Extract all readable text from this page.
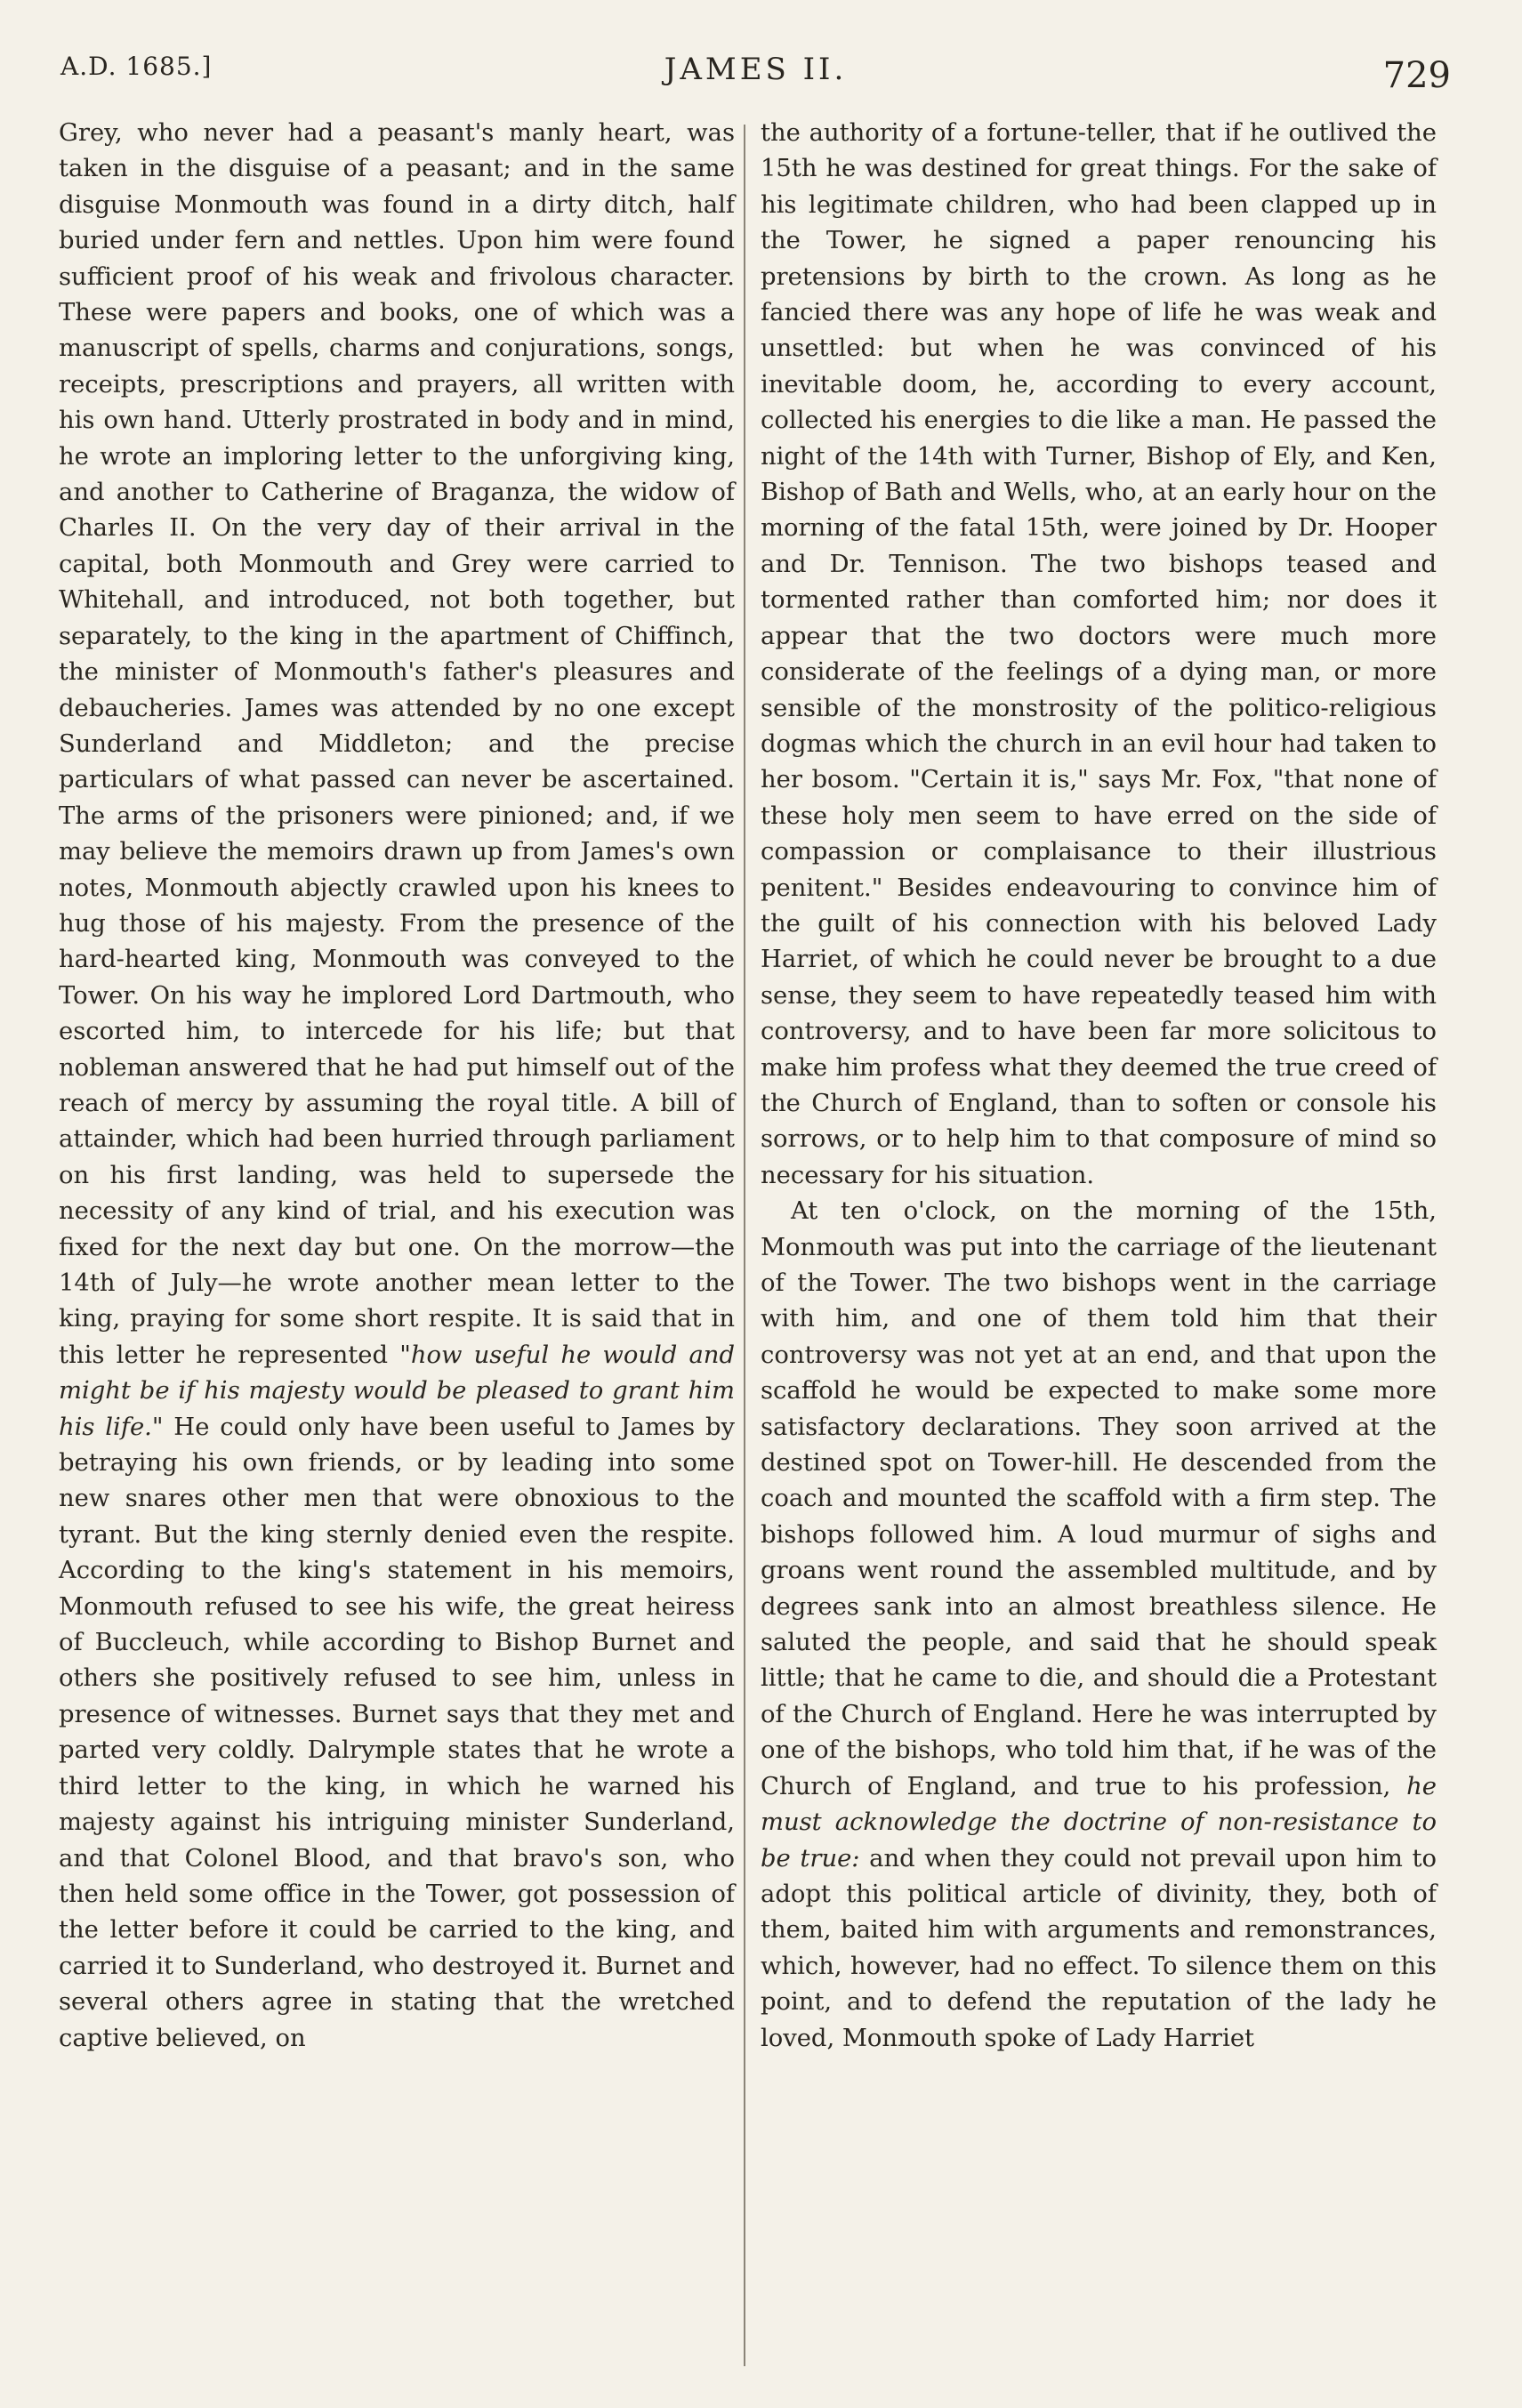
A.D. 1685.]	JAMES II.	729

Grey, who never had a peasant's manly heart, was taken in the disguise of a peasant; and in the same disguise Monmouth was found in a dirty ditch, half buried under fern and nettles. Upon him were found sufficient proof of his weak and frivolous character. These were papers and books, one of which was a manuscript of spells, charms and conjurations, songs, receipts, prescriptions and prayers, all written with his own hand. Utterly prostrated in body and in mind, he wrote an imploring letter to the unforgiving king, and another to Catherine of Braganza, the widow of Charles II. On the very day of their arrival in the capital, both Monmouth and Grey were carried to Whitehall, and introduced, not both together, but separately, to the king in the apartment of Chiffinch, the minister of Monmouth's father's pleasures and debaucheries. James was attended by no one except Sunderland and Middleton; and the precise particulars of what passed can never be ascertained. The arms of the prisoners were pinioned; and, if we may believe the memoirs drawn up from James's own notes, Monmouth abjectly crawled upon his knees to hug those of his majesty. From the presence of the hard-hearted king, Monmouth was conveyed to the Tower. On his way he implored Lord Dartmouth, who escorted him, to intercede for his life; but that nobleman answered that he had put himself out of the reach of mercy by assuming the royal title. A bill of attainder, which had been hurried through parliament on his first landing, was held to supersede the necessity of any kind of trial, and his execution was fixed for the next day but one. On the morrow—the 14th of July—he wrote another mean letter to the king, praying for some short respite. It is said that in this letter he represented "how useful he would and might be if his majesty would be pleased to grant him his life." He could only have been useful to James by betraying his own friends, or by leading into some new snares other men that were obnoxious to the tyrant. But the king sternly denied even the respite. According to the king's statement in his memoirs, Monmouth refused to see his wife, the great heiress of Buccleuch, while according to Bishop Burnet and others she positively refused to see him, unless in presence of witnesses. Burnet says that they met and parted very coldly. Dalrymple states that he wrote a third letter to the king, in which he warned his majesty against his intriguing minister Sunderland, and that Colonel Blood, and that bravo's son, who then held some office in the Tower, got possession of the letter before it could be carried to the king, and carried it to Sunderland, who destroyed it. Burnet and several others agree in stating that the wretched captive believed, on

the authority of a fortune-teller, that if he outlived the 15th he was destined for great things. For the sake of his legitimate children, who had been clapped up in the Tower, he signed a paper renouncing his pretensions by birth to the crown. As long as he fancied there was any hope of life he was weak and unsettled: but when he was convinced of his inevitable doom, he, according to every account, collected his energies to die like a man. He passed the night of the 14th with Turner, Bishop of Ely, and Ken, Bishop of Bath and Wells, who, at an early hour on the morning of the fatal 15th, were joined by Dr. Hooper and Dr. Tennison. The two bishops teased and tormented rather than comforted him; nor does it appear that the two doctors were much more considerate of the feelings of a dying man, or more sensible of the monstrosity of the politico-religious dogmas which the church in an evil hour had taken to her bosom. "Certain it is," says Mr. Fox, "that none of these holy men seem to have erred on the side of compassion or complaisance to their illustrious penitent." Besides endeavouring to convince him of the guilt of his connection with his beloved Lady Harriet, of which he could never be brought to a due sense, they seem to have repeatedly teased him with controversy, and to have been far more solicitous to make him profess what they deemed the true creed of the Church of England, than to soften or console his sorrows, or to help him to that composure of mind so necessary for his situation.

At ten o'clock, on the morning of the 15th, Monmouth was put into the carriage of the lieutenant of the Tower. The two bishops went in the carriage with him, and one of them told him that their controversy was not yet at an end, and that upon the scaffold he would be expected to make some more satisfactory declarations. They soon arrived at the destined spot on Tower-hill. He descended from the coach and mounted the scaffold with a firm step. The bishops followed him. A loud murmur of sighs and groans went round the assembled multitude, and by degrees sank into an almost breathless silence. He saluted the people, and said that he should speak little; that he came to die, and should die a Protestant of the Church of England. Here he was interrupted by one of the bishops, who told him that, if he was of the Church of England, and true to his profession, he must acknowledge the doctrine of non-resistance to be true: and when they could not prevail upon him to adopt this political article of divinity, they, both of them, baited him with arguments and remonstrances, which, however, had no effect. To silence them on this point, and to defend the reputation of the lady he loved, Monmouth spoke of Lady Harriet
